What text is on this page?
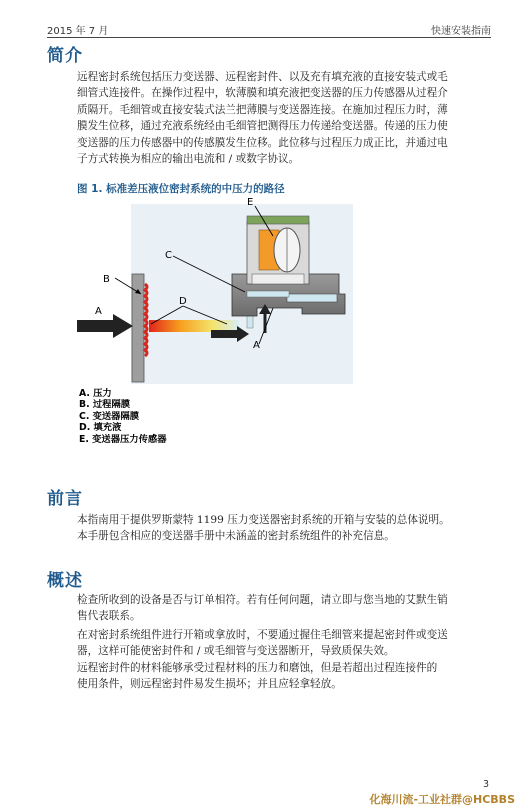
2015 年 7 月	快速安装指南
简介
远程密封系统包括压力变送器、远程密封件、以及充有填充液的直接安装式或毛
细管式连接件。在操作过程中，软薄膜和填充液把变送器的压力传感器从过程介
质隔开。毛细管或直接安装式法兰把薄膜与变送器连接。在施加过程压力时，薄
膜发生位移，通过充液系统经由毛细管把测得压力传递给变送器。传递的压力使
变送器的压力传感器中的传感膜发生位移。此位移与过程压力成正比，并通过电
子方式转换为相应的输出电流和 / 或数字协议。
图 1. 标准差压液位密封系统的中压力的路径
A
B
C
D
E
A
A. 压力
B. 过程隔膜
C. 变送器隔膜
D. 填充液
E. 变送器压力传感器
前言
本指南用于提供罗斯蒙特 1199 压力变送器密封系统的开箱与安装的总体说明。
本手册包含相应的变送器手册中未涵盖的密封系统组件的补充信息。
概述
检查所收到的设备是否与订单相符。若有任何问题，请立即与您当地的艾默生销
售代表联系。
在对密封系统组件进行开箱或拿放时，不要通过握住毛细管来提起密封件或变送
器，这样可能使密封件和 / 或毛细管与变送器断开，导致质保失效。
远程密封件的材料能够承受过程材料的压力和磨蚀，但是若超出过程连接件的
使用条件，则远程密封件易发生损坏；并且应轻拿轻放。
3
化海川流-工业社群@HCBBS
